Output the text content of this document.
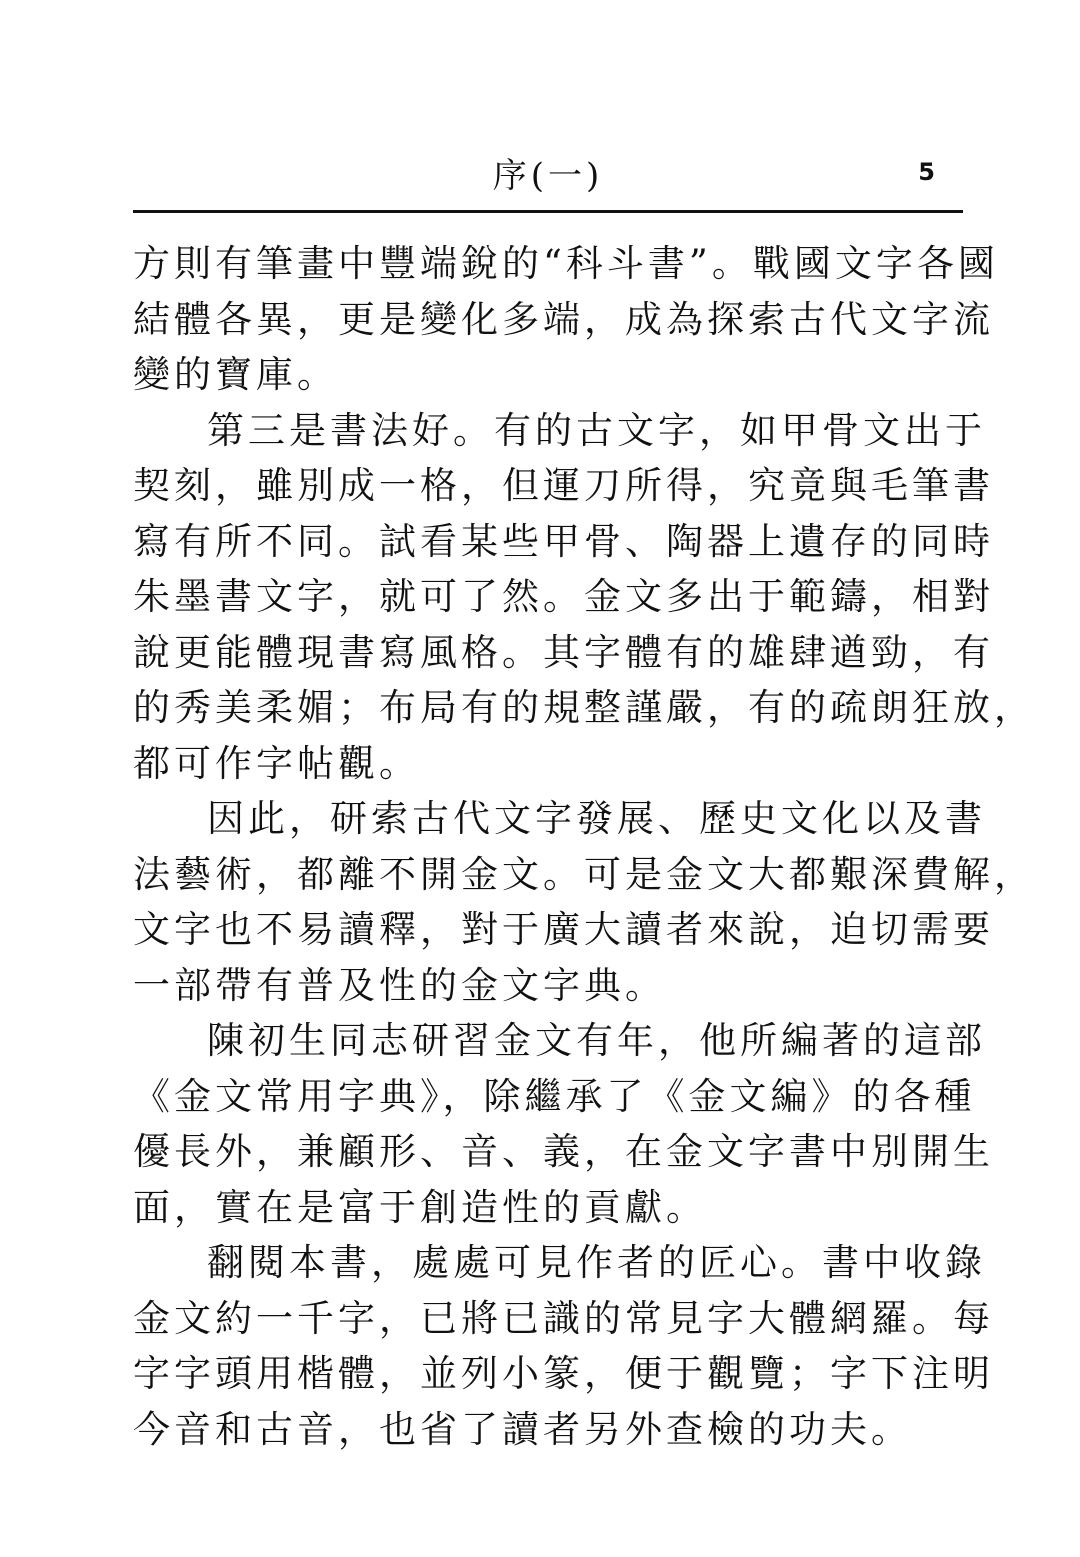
序(一)	5
方則有筆畫中豐端銳的“科斗書”。戰國文字各國
結體各異，更是變化多端，成為探索古代文字流
變的寶庫。
第三是書法好。有的古文字，如甲骨文出于
契刻，雖別成一格，但運刀所得，究竟與毛筆書
寫有所不同。試看某些甲骨、陶器上遺存的同時
朱墨書文字，就可了然。金文多出于範鑄，相對
說更能體現書寫風格。其字體有的雄肆遒勁，有
的秀美柔媚；布局有的規整謹嚴，有的疏朗狂放，
都可作字帖觀。
因此，研索古代文字發展、歷史文化以及書
法藝術，都離不開金文。可是金文大都艱深費解，
文字也不易讀釋，對于廣大讀者來說，迫切需要
一部帶有普及性的金文字典。
陳初生同志研習金文有年，他所編著的這部
《金文常用字典》，除繼承了《金文編》的各種
優長外，兼顧形、音、義，在金文字書中別開生
面，實在是富于創造性的貢獻。
翻閱本書，處處可見作者的匠心。書中收錄
金文約一千字，已將已識的常見字大體網羅。每
字字頭用楷體，並列小篆，便于觀覽；字下注明
今音和古音，也省了讀者另外查檢的功夫。
